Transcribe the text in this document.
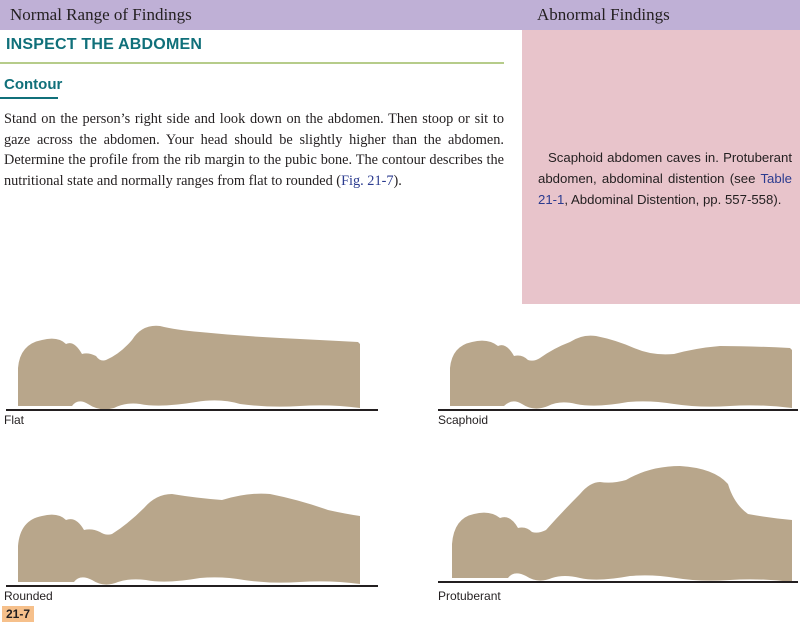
Normal Range of Findings	Abnormal Findings
Scaphoid abdomen caves in. Protuberant abdomen, abdominal distention (see Table 21-1, Abdominal Distention, pp. 557-558).
INSPECT THE ABDOMEN
Contour
Stand on the person’s right side and look down on the abdomen. Then stoop or sit to gaze across the abdomen. Your head should be slightly higher than the abdomen. Determine the profile from the rib margin to the pubic bone. The contour describes the nutritional state and normally ranges from flat to rounded (Fig. 21-7).
Flat	Scaphoid
Rounded	Protuberant
21-7
